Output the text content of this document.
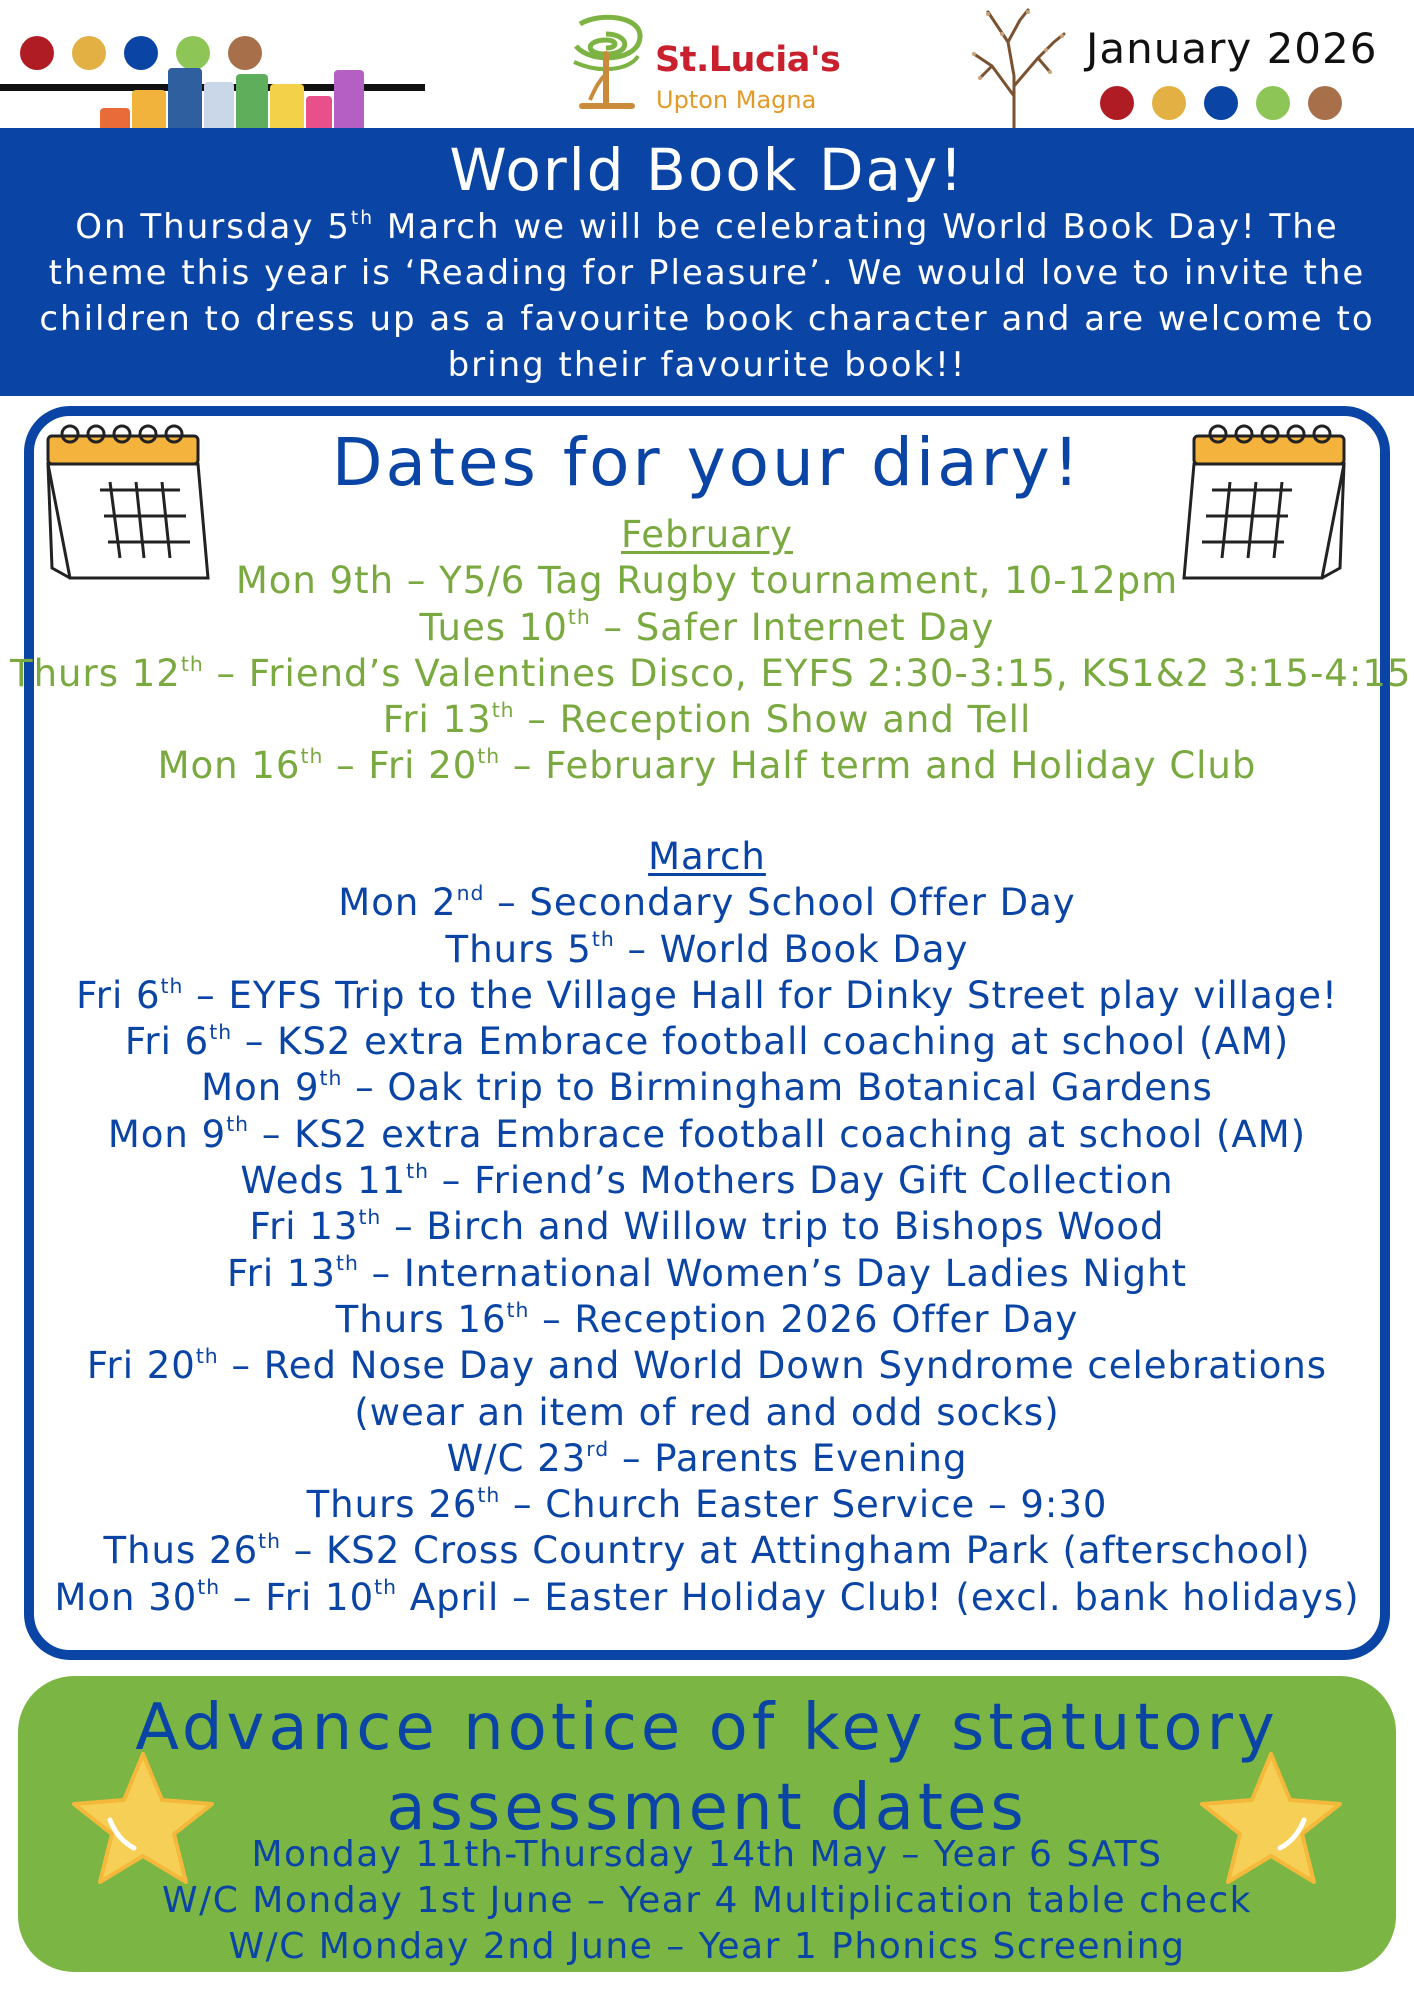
St.Lucia's
Upton Magna
January 2026
World Book Day!

On Thursday 5th March we will be celebrating World Book Day! The theme this year is ‘Reading for Pleasure’. We would love to invite the children to dress up as a favourite book character and are welcome to bring their favourite book!!

Dates for your diary!
February
Mon 9th – Y5/6 Tag Rugby tournament, 10-12pm
Tues 10th – Safer Internet Day
Thurs 12th – Friend’s Valentines Disco, EYFS 2:30-3:15, KS1&2 3:15-4:15
Fri 13th – Reception Show and Tell
Mon 16th – Fri 20th – February Half term and Holiday Club
March
Mon 2nd – Secondary School Offer Day
Thurs 5th – World Book Day
Fri 6th – EYFS Trip to the Village Hall for Dinky Street play village!
Fri 6th – KS2 extra Embrace football coaching at school (AM)
Mon 9th – Oak trip to Birmingham Botanical Gardens
Mon 9th – KS2 extra Embrace football coaching at school (AM)
Weds 11th – Friend’s Mothers Day Gift Collection
Fri 13th – Birch and Willow trip to Bishops Wood
Fri 13th – International Women’s Day Ladies Night
Thurs 16th – Reception 2026 Offer Day
Fri 20th – Red Nose Day and World Down Syndrome celebrations
(wear an item of red and odd socks)
W/C 23rd – Parents Evening
Thurs 26th – Church Easter Service – 9:30
Thus 26th – KS2 Cross Country at Attingham Park (afterschool)
Mon 30th – Fri 10th April – Easter Holiday Club! (excl. bank holidays)
Advance notice of key statutory
assessment dates
Monday 11th-Thursday 14th May – Year 6 SATS
W/C Monday 1st June – Year 4 Multiplication table check
W/C Monday 2nd June – Year 1 Phonics Screening
